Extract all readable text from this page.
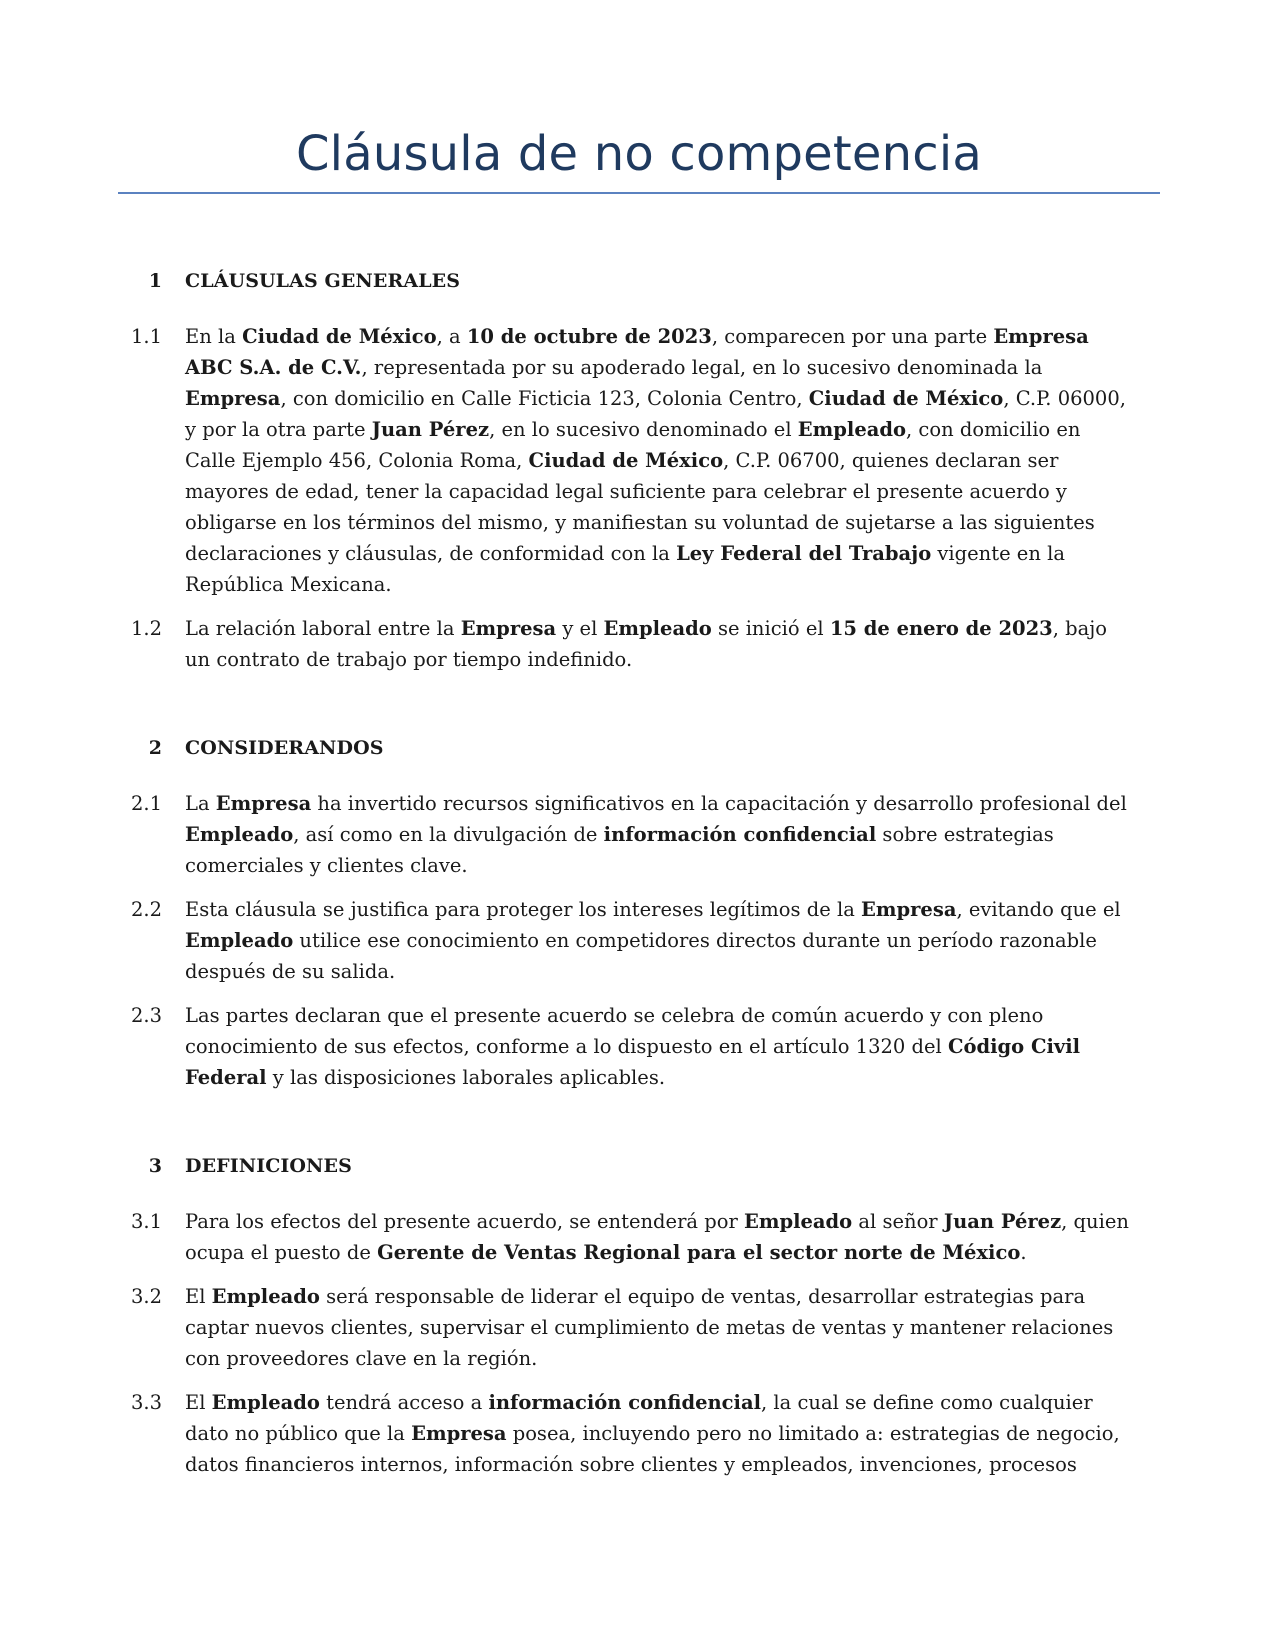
Cláusula de no competencia
1	CLÁUSULAS GENERALES
1.1	En la Ciudad de México, a 10 de octubre de 2023, comparecen por una parte Empresa ABC S.A. de C.V., representada por su apoderado legal, en lo sucesivo denominada la Empresa, con domicilio en Calle Ficticia 123, Colonia Centro, Ciudad de México, C.P. 06000, y por la otra parte Juan Pérez, en lo sucesivo denominado el Empleado, con domicilio en Calle Ejemplo 456, Colonia Roma, Ciudad de México, C.P. 06700, quienes declaran ser mayores de edad, tener la capacidad legal suficiente para celebrar el presente acuerdo y obligarse en los términos del mismo, y manifiestan su voluntad de sujetarse a las siguientes declaraciones y cláusulas, de conformidad con la Ley Federal del Trabajo vigente en la República Mexicana.
1.2	La relación laboral entre la Empresa y el Empleado se inició el 15 de enero de 2023, bajo un contrato de trabajo por tiempo indefinido.
2	CONSIDERANDOS
2.1	La Empresa ha invertido recursos significativos en la capacitación y desarrollo profesional del Empleado, así como en la divulgación de información confidencial sobre estrategias comerciales y clientes clave.
2.2	Esta cláusula se justifica para proteger los intereses legítimos de la Empresa, evitando que el Empleado utilice ese conocimiento en competidores directos durante un período razonable después de su salida.
2.3	Las partes declaran que el presente acuerdo se celebra de común acuerdo y con pleno conocimiento de sus efectos, conforme a lo dispuesto en el artículo 1320 del Código Civil Federal y las disposiciones laborales aplicables.
3	DEFINICIONES
3.1	Para los efectos del presente acuerdo, se entenderá por Empleado al señor Juan Pérez, quien ocupa el puesto de Gerente de Ventas Regional para el sector norte de México.
3.2	El Empleado será responsable de liderar el equipo de ventas, desarrollar estrategias para captar nuevos clientes, supervisar el cumplimiento de metas de ventas y mantener relaciones con proveedores clave en la región.
3.3	El Empleado tendrá acceso a información confidencial, la cual se define como cualquier dato no público que la Empresa posea, incluyendo pero no limitado a: estrategias de negocio, datos financieros internos, información sobre clientes y empleados, invenciones, procesos
